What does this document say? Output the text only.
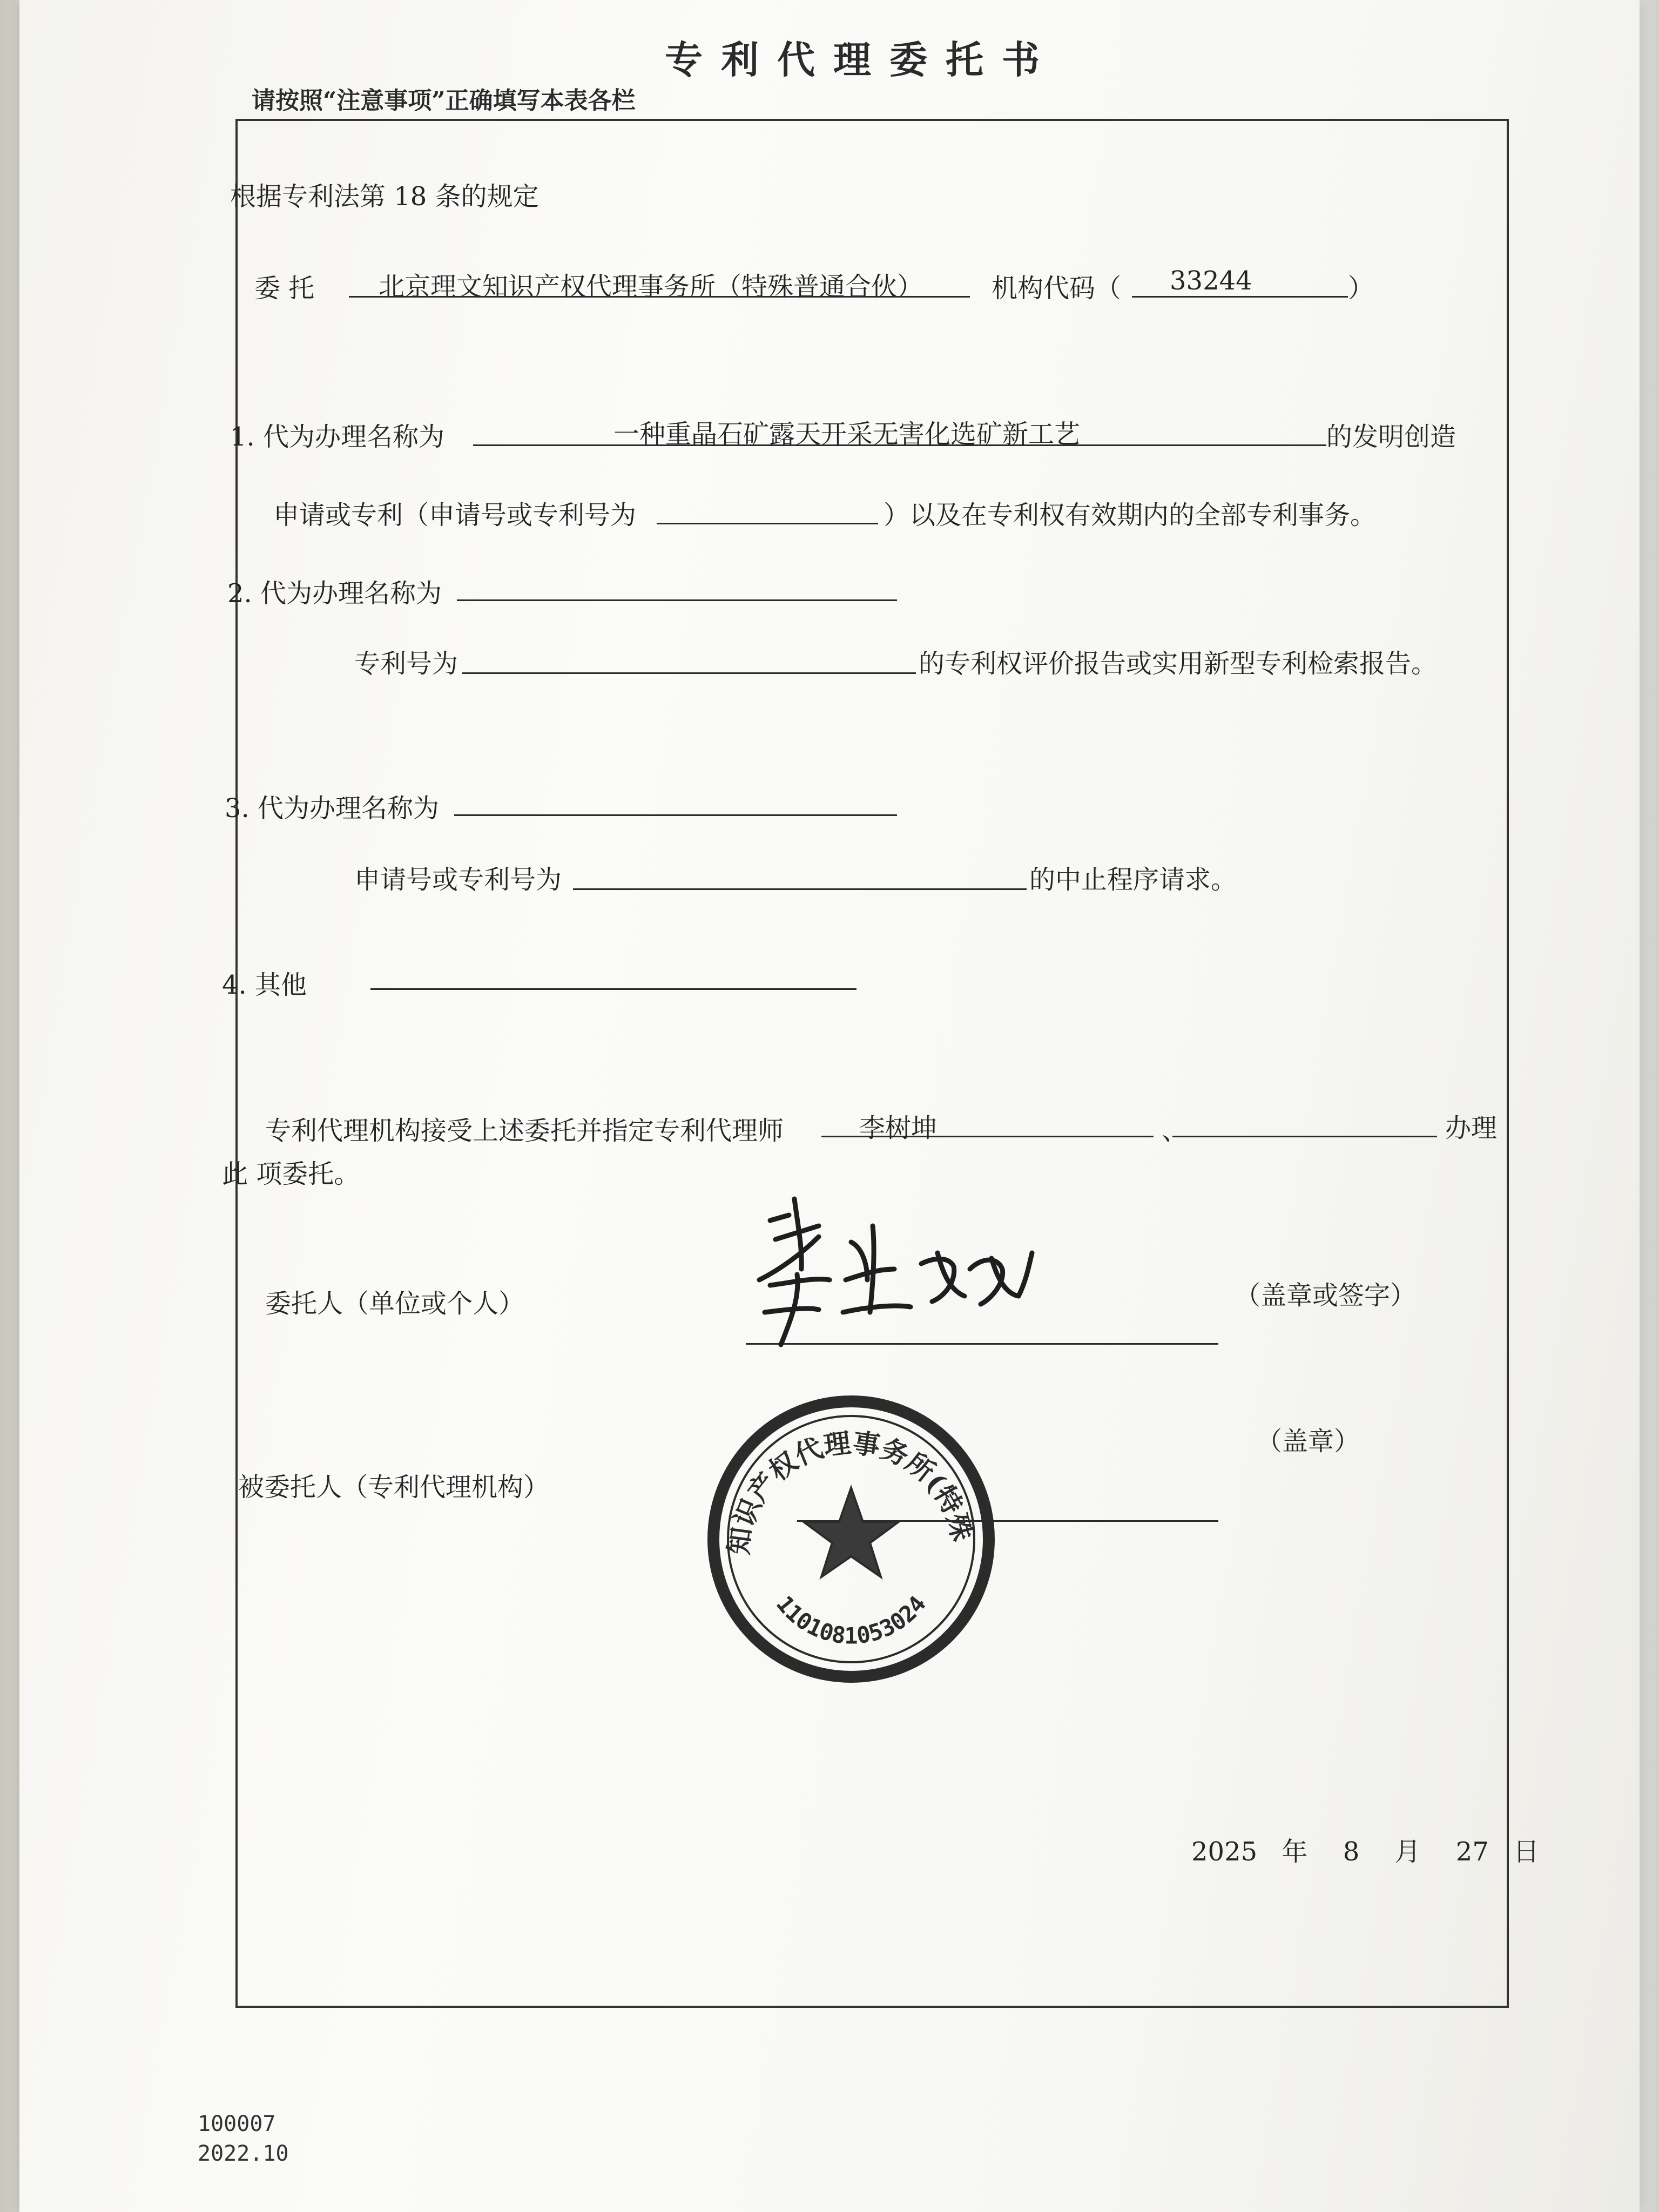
专利代理委托书
请按照“注意事项”正确填写本表各栏
根据专利法第 18 条的规定
委 托 北京理文知识产权代理事务所（特殊普通合伙）	机构代码（ 33244	）
1. 代为办理名称为	一种重晶石矿露天开采无害化选矿新工艺	的发明创造
申请或专利（申请号或专利号为	）以及在专利权有效期内的全部专利事务。
2. 代为办理名称为
专利号为	的专利权评价报告或实用新型专利检索报告。
3. 代为办理名称为
申请号或专利号为	的中止程序请求。
4. 其他
专利代理机构接受上述委托并指定专利代理师	李树坤	、	办理
此 项委托。
委托人（单位或个人）	（盖章或签字）
被委托人（专利代理机构）
（盖章）
北京理文知识产权代理事务所(特殊普通合伙)
1101081053024
2025 年 8 月 27 日
100007
2022.10
